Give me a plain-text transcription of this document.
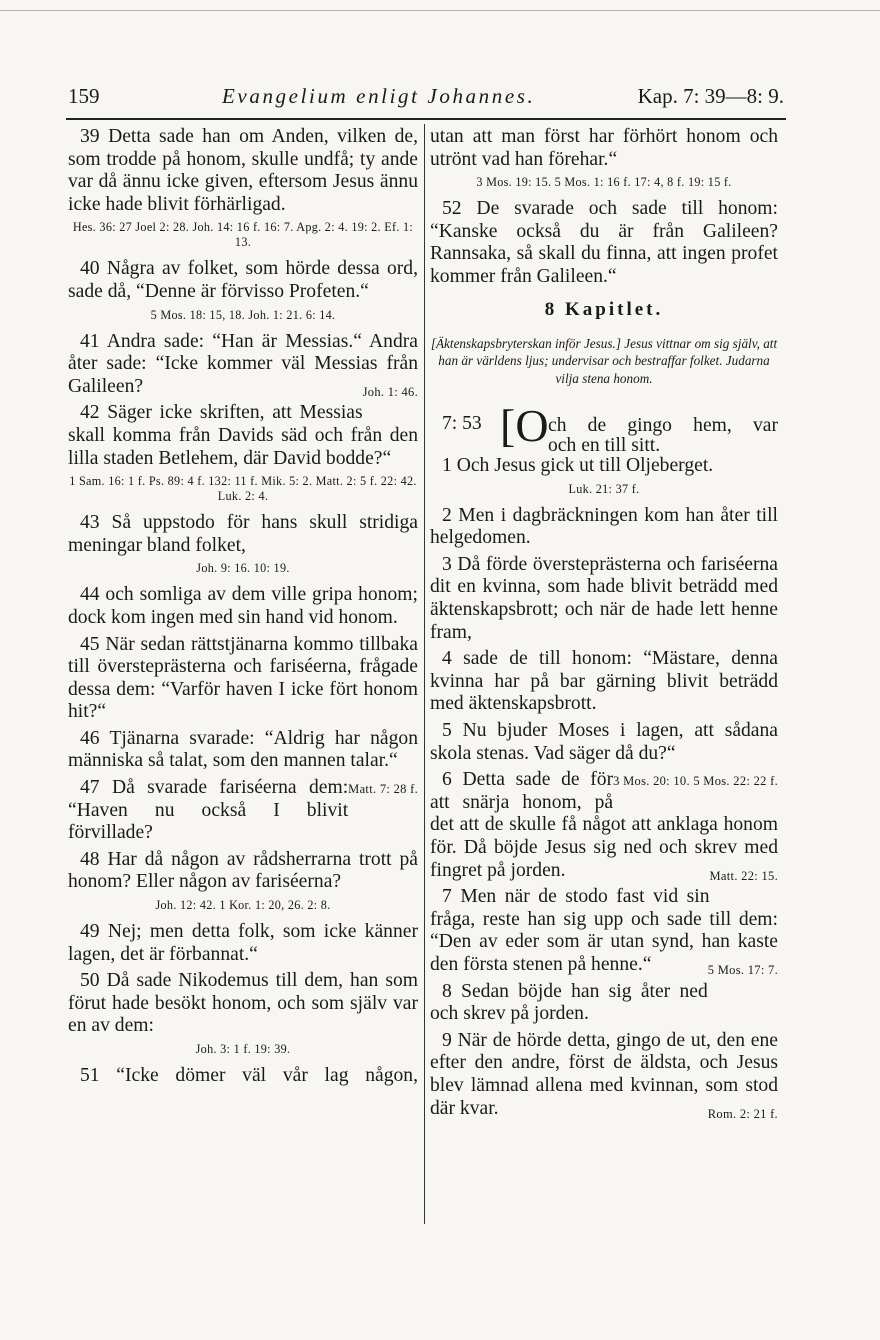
159	Evangelium enligt Johannes.	Kap. 7: 39—8: 9.
39 Detta sade han om Anden, vilken de, som trodde på honom, skulle undfå; ty ande var då ännu icke given, eftersom Jesus ännu icke hade blivit förhärligad.
Hes. 36: 27 Joel 2: 28. Joh. 14: 16 f. 16: 7. Apg. 2: 4. 19: 2. Ef. 1: 13.
40 Några av folket, som hörde dessa ord, sade då, “Denne är förvisso Profeten.“
5 Mos. 18: 15, 18. Joh. 1: 21. 6: 14.
41 Andra sade: “Han är Messias.“ Andra åter sade: “Icke kommer väl Messias från Galileen?	Joh. 1: 46.
42 Säger icke skriften, att Messias skall komma från Davids säd och från den lilla staden Betlehem, där David bodde?“
1 Sam. 16: 1 f. Ps. 89: 4 f. 132: 11 f. Mik. 5: 2. Matt. 2: 5 f. 22: 42. Luk. 2: 4.
43 Så uppstodo för hans skull stridiga meningar bland folket,
Joh. 9: 16. 10: 19.
44 och somliga av dem ville gripa honom; dock kom ingen med sin hand vid honom.
45 När sedan rättstjänarna kommo tillbaka till översteprästerna och fariséerna, frågade dessa dem: “Varför haven I icke fört honom hit?“
46 Tjänarna svarade: “Aldrig har någon människa så talat, som den mannen talar.“
Matt. 7: 28 f.
47 Då svarade fariséerna dem: “Haven nu också I blivit förvillade?
48 Har då någon av rådsherrarna trott på honom? Eller någon av fariséerna?
Joh. 12: 42. 1 Kor. 1: 20, 26. 2: 8.
49 Nej; men detta folk, som icke känner lagen, det är förbannat.“
50 Då sade Nikodemus till dem, han som förut hade besökt honom, och som själv var en av dem:
Joh. 3: 1 f. 19: 39.
51 “Icke dömer väl vår lag någon,
utan att man först har förhört honom och utrönt vad han förehar.“
3 Mos. 19: 15. 5 Mos. 1: 16 f. 17: 4, 8 f. 19: 15 f.
52 De svarade och sade till honom: “Kanske också du är från Galileen? Rannsaka, så skall du finna, att ingen profet kommer från Galileen.“
8 Kapitlet.
[Äktenskapsbryterskan inför Jesus.] Jesus vittnar om sig själv, att han är världens ljus; undervisar och bestraffar folket. Judarna vilja stena honom.
7: 53 [O ch de gingo hem, var
och en till sitt.
1 Och Jesus gick ut till Oljeberget.
Luk. 21: 37 f.
2 Men i dagbräckningen kom han åter till helgedomen.
3 Då förde översteprästerna och fariséerna dit en kvinna, som hade blivit beträdd med äktenskapsbrott; och när de hade lett henne fram,
4 sade de till honom: “Mästare, denna kvinna har på bar gärning blivit beträdd med äktenskapsbrott.
5 Nu bjuder Moses i lagen, att sådana skola stenas. Vad säger då du?“
3 Mos. 20: 10. 5 Mos. 22: 22 f.
6 Detta sade de för att snärja honom, på det att de skulle få något att anklaga honom för. Då böjde Jesus sig ned och skrev med fingret på jorden.	Matt. 22: 15.
7 Men när de stodo fast vid sin fråga, reste han sig upp och sade till dem: “Den av eder som är utan synd, han kaste den första stenen på henne.“	5 Mos. 17: 7.
8 Sedan böjde han sig åter ned och skrev på jorden.
9 När de hörde detta, gingo de ut, den ene efter den andre, först de äldsta, och Jesus blev lämnad allena med kvinnan, som stod där kvar.	Rom. 2: 21 f.
